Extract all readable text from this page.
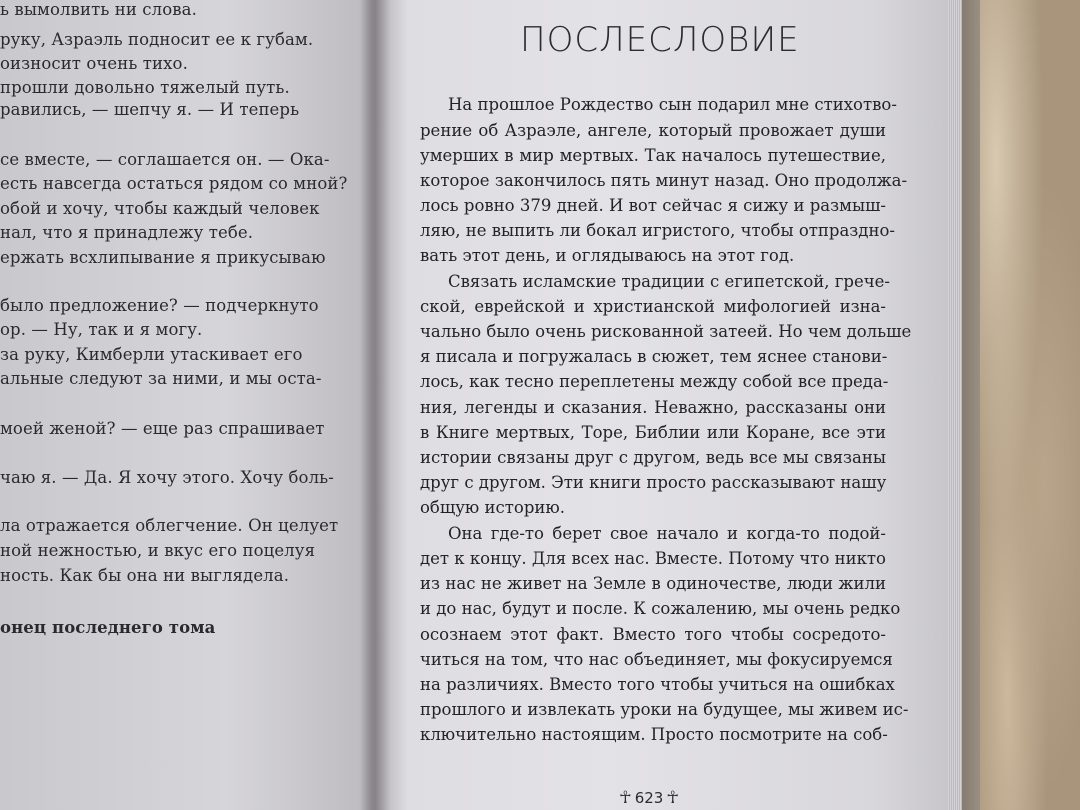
ь вымолвить ни слова.
руку, Азраэль подносит ее к губам.
оизносит очень тихо.
прошли довольно тяжелый путь.
равились, — шепчу я. — И теперь
се вместе, — соглашается он. — Ока-
есть навсегда остаться рядом со мной?
обой и хочу, чтобы каждый человек
нал, что я принадлежу тебе.
ержать всхлипывание я прикусываю
было предложение? — подчеркнуто
ор. — Ну, так и я могу.
за руку, Кимберли утаскивает его
альные следуют за ними, и мы оста-
моей женой? — еще раз спрашивает
чаю я. — Да. Я хочу этого. Хочу боль-
ла отражается облегчение. Он целует
ной нежностью, и вкус его поцелуя
ность. Как бы она ни выглядела.
онец последнего тома
ПОСЛЕСЛОВИЕ
На прошлое Рождество сын подарил мне стихотво-
рение об Азраэле, ангеле, который провожает души
умерших в мир мертвых. Так началось путешествие,
которое закончилось пять минут назад. Оно продолжа-
лось ровно 379 дней. И вот сейчас я сижу и размыш-
ляю, не выпить ли бокал игристого, чтобы отпраздно-
вать этот день, и оглядываюсь на этот год.
Связать исламские традиции с египетской, грече-
ской, еврейской и христианской мифологией изна-
чально было очень рискованной затеей. Но чем дольше
я писала и погружалась в сюжет, тем яснее станови-
лось, как тесно переплетены между собой все преда-
ния, легенды и сказания. Неважно, рассказаны они
в Книге мертвых, Торе, Библии или Коране, все эти
истории связаны друг с другом, ведь все мы связаны
друг с другом. Эти книги просто рассказывают нашу
общую историю.
Она где-то берет свое начало и когда-то подой-
дет к концу. Для всех нас. Вместе. Потому что никто
из нас не живет на Земле в одиночестве, люди жили
и до нас, будут и после. К сожалению, мы очень редко
осознаем этот факт. Вместо того чтобы сосредото-
читься на том, что нас объединяет, мы фокусируемся
на различиях. Вместо того чтобы учиться на ошибках
прошлого и извлекать уроки на будущее, мы живем ис-
ключительно настоящим. Просто посмотрите на соб-
☥ 623 ☥
